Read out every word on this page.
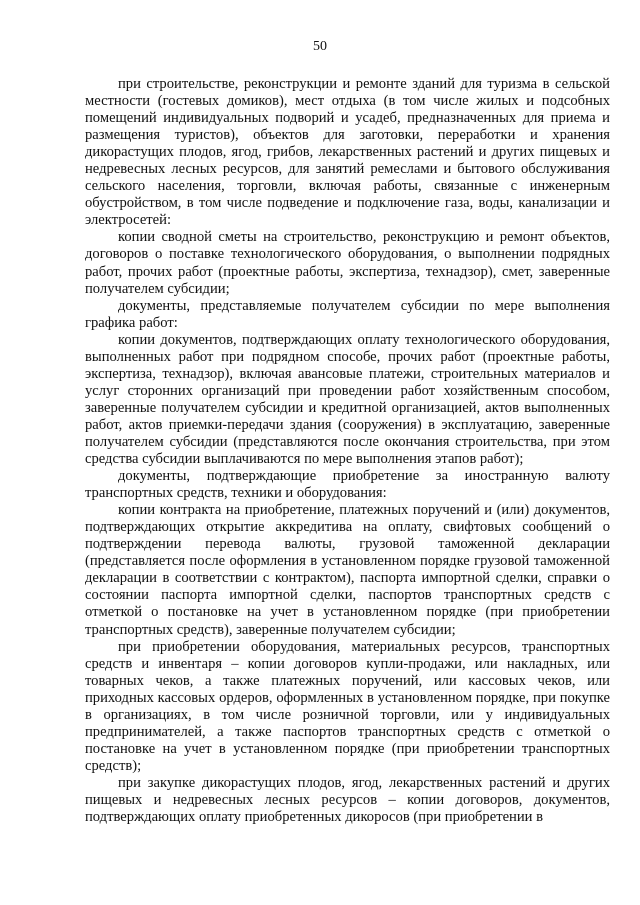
50

при строительстве, реконструкции и ремонте зданий для туризма в сельской местности (гостевых домиков), мест отдыха (в том числе жилых и подсобных помещений индивидуальных подворий и усадеб, предназначенных для приема и размещения туристов), объектов для заготовки, переработки и хранения дикорастущих плодов, ягод, грибов, лекарственных растений и других пищевых и недревесных лесных ресурсов, для занятий ремеслами и бытового обслуживания сельского населения, торговли, включая работы, связанные с инженерным обустройством, в том числе подведение и подключение газа, воды, канализации и электросетей:

копии сводной сметы на строительство, реконструкцию и ремонт объектов, договоров о поставке технологического оборудования, о выполнении подрядных работ, прочих работ (проектные работы, экспертиза, технадзор), смет, заверенные получателем субсидии;

документы, представляемые получателем субсидии по мере выполнения графика работ:

копии документов, подтверждающих оплату технологического оборудования, выполненных работ при подрядном способе, прочих работ (проектные работы, экспертиза, технадзор), включая авансовые платежи, строительных материалов и услуг сторонних организаций при проведении работ хозяйственным способом, заверенные получателем субсидии и кредитной организацией, актов выполненных работ, актов приемки-передачи здания (сооружения) в эксплуатацию, заверенные получателем субсидии (представляются после окончания строительства, при этом средства субсидии выплачиваются по мере выполнения этапов работ);

документы, подтверждающие приобретение за иностранную валюту транспортных средств, техники и оборудования:

копии контракта на приобретение, платежных поручений и (или) документов, подтверждающих открытие аккредитива на оплату, свифтовых сообщений о подтверждении перевода валюты, грузовой таможенной декларации (представляется после оформления в установленном порядке грузовой таможенной декларации в соответствии с контрактом), паспорта импортной сделки, справки о состоянии паспорта импортной сделки, паспортов транспортных средств с отметкой о постановке на учет в установленном порядке (при приобретении транспортных средств), заверенные получателем субсидии;

при приобретении оборудования, материальных ресурсов, транспортных средств и инвентаря – копии договоров купли-продажи, или накладных, или товарных чеков, а также платежных поручений, или кассовых чеков, или приходных кассовых ордеров, оформленных в установленном порядке, при покупке в организациях, в том числе розничной торговли, или у индивидуальных предпринимателей, а также паспортов транспортных средств с отметкой о постановке на учет в установленном порядке (при приобретении транспортных средств);

при закупке дикорастущих плодов, ягод, лекарственных растений и других пищевых и недревесных лесных ресурсов – копии договоров, документов, подтверждающих оплату приобретенных дикоросов (при приобретении в
